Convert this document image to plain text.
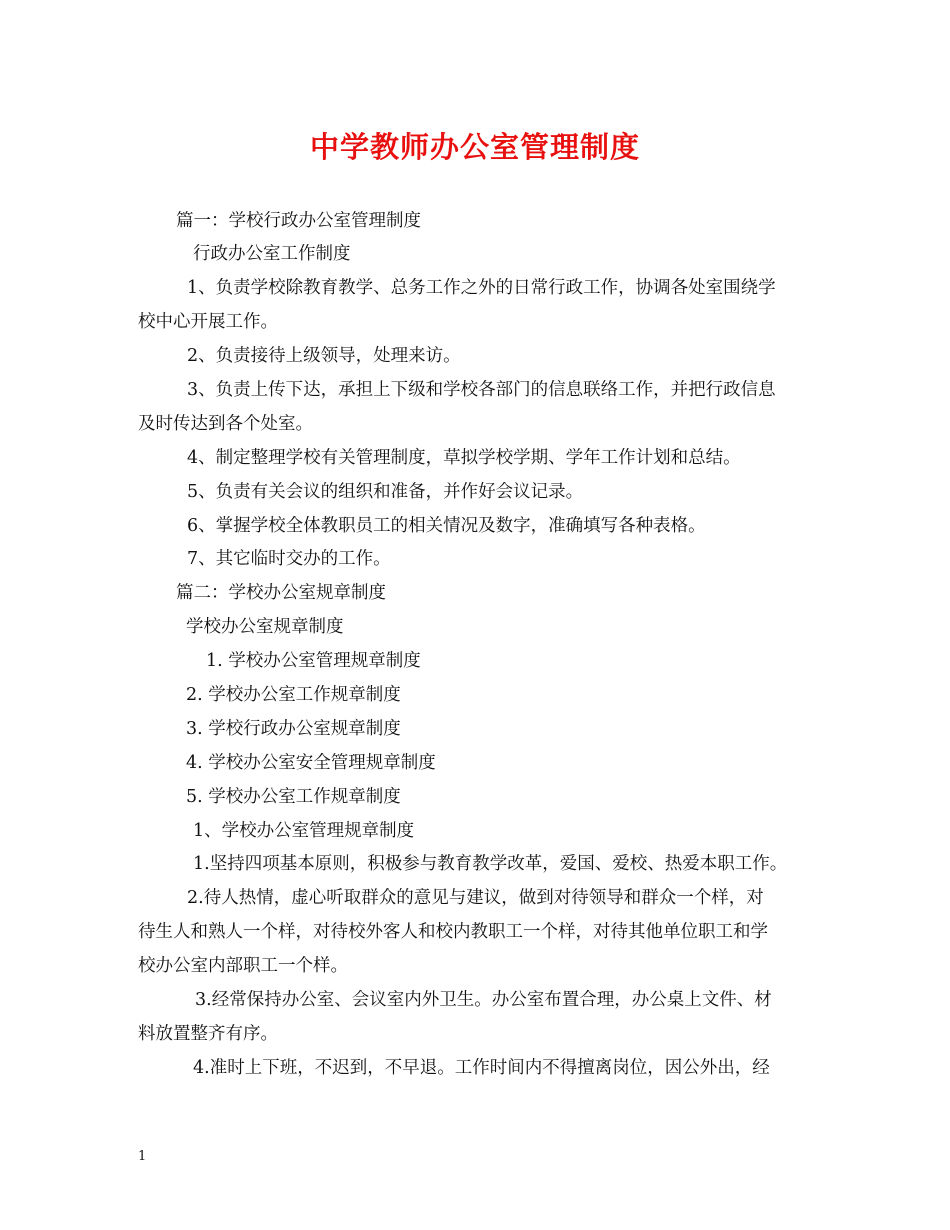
中学教师办公室管理制度

篇一：学校行政办公室管理制度

行政办公室工作制度

1、负责学校除教育教学、总务工作之外的日常行政工作，协调各处室围绕学

校中心开展工作。

2、负责接待上级领导，处理来访。

3、负责上传下达，承担上下级和学校各部门的信息联络工作，并把行政信息

及时传达到各个处室。

4、制定整理学校有关管理制度，草拟学校学期、学年工作计划和总结。

5、负责有关会议的组织和准备，并作好会议记录。

6、掌握学校全体教职员工的相关情况及数字，准确填写各种表格。

7、其它临时交办的工作。

篇二：学校办公室规章制度

学校办公室规章制度

1. 学校办公室管理规章制度

2. 学校办公室工作规章制度

3. 学校行政办公室规章制度

4. 学校办公室安全管理规章制度

5. 学校办公室工作规章制度

1、学校办公室管理规章制度

1.坚持四项基本原则，积极参与教育教学改革，爱国、爱校、热爱本职工作。

2.待人热情，虚心听取群众的意见与建议，做到对待领导和群众一个样，对

待生人和熟人一个样，对待校外客人和校内教职工一个样，对待其他单位职工和学

校办公室内部职工一个样。

3.经常保持办公室、会议室内外卫生。办公室布置合理，办公桌上文件、材

料放置整齐有序。

4.准时上下班，不迟到，不早退。工作时间内不得擅离岗位，因公外出，经

1
